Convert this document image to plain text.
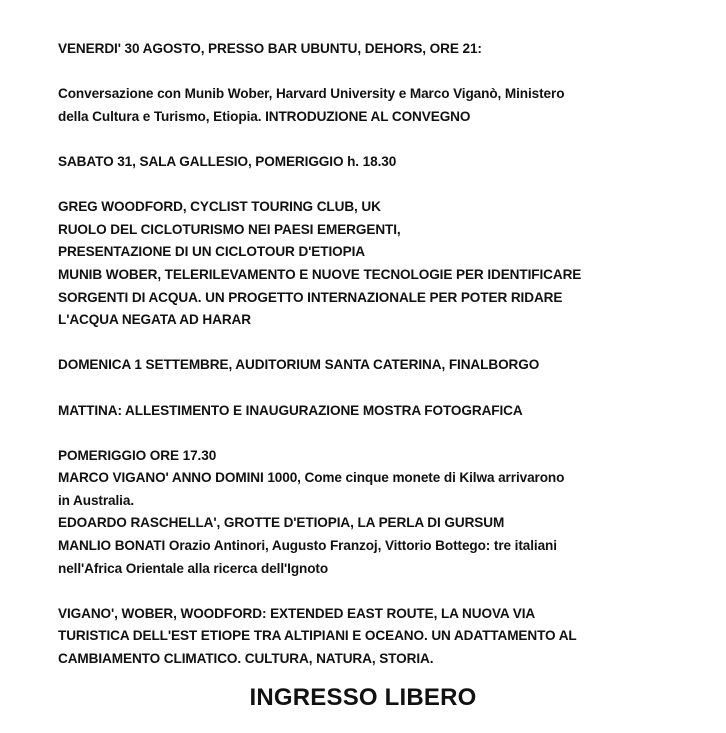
VENERDI' 30 AGOSTO, PRESSO BAR UBUNTU, DEHORS, ORE 21:

Conversazione con Munib Wober, Harvard University e Marco Viganò, Ministero
della Cultura e Turismo, Etiopia. INTRODUZIONE AL CONVEGNO

SABATO 31, SALA GALLESIO, POMERIGGIO h. 18.30

GREG WOODFORD, CYCLIST TOURING CLUB, UK
RUOLO DEL CICLOTURISMO NEI PAESI EMERGENTI,
PRESENTAZIONE DI UN CICLOTOUR D'ETIOPIA
MUNIB WOBER, TELERILEVAMENTO E NUOVE TECNOLOGIE PER IDENTIFICARE
SORGENTI DI ACQUA. UN PROGETTO INTERNAZIONALE PER POTER RIDARE
L'ACQUA NEGATA AD HARAR

DOMENICA 1 SETTEMBRE, AUDITORIUM SANTA CATERINA, FINALBORGO

MATTINA: ALLESTIMENTO E INAUGURAZIONE MOSTRA FOTOGRAFICA

POMERIGGIO ORE 17.30
MARCO VIGANO' ANNO DOMINI 1000, Come cinque monete di Kilwa arrivarono
in Australia.
EDOARDO RASCHELLA', GROTTE D'ETIOPIA, LA PERLA DI GURSUM
MANLIO BONATI Orazio Antinori, Augusto Franzoj, Vittorio Bottego: tre italiani
nell'Africa Orientale alla ricerca dell'Ignoto

VIGANO', WOBER, WOODFORD: EXTENDED EAST ROUTE, LA NUOVA VIA
TURISTICA DELL'EST ETIOPE TRA ALTIPIANI E OCEANO. UN ADATTAMENTO AL
CAMBIAMENTO CLIMATICO. CULTURA, NATURA, STORIA.

INGRESSO LIBERO
